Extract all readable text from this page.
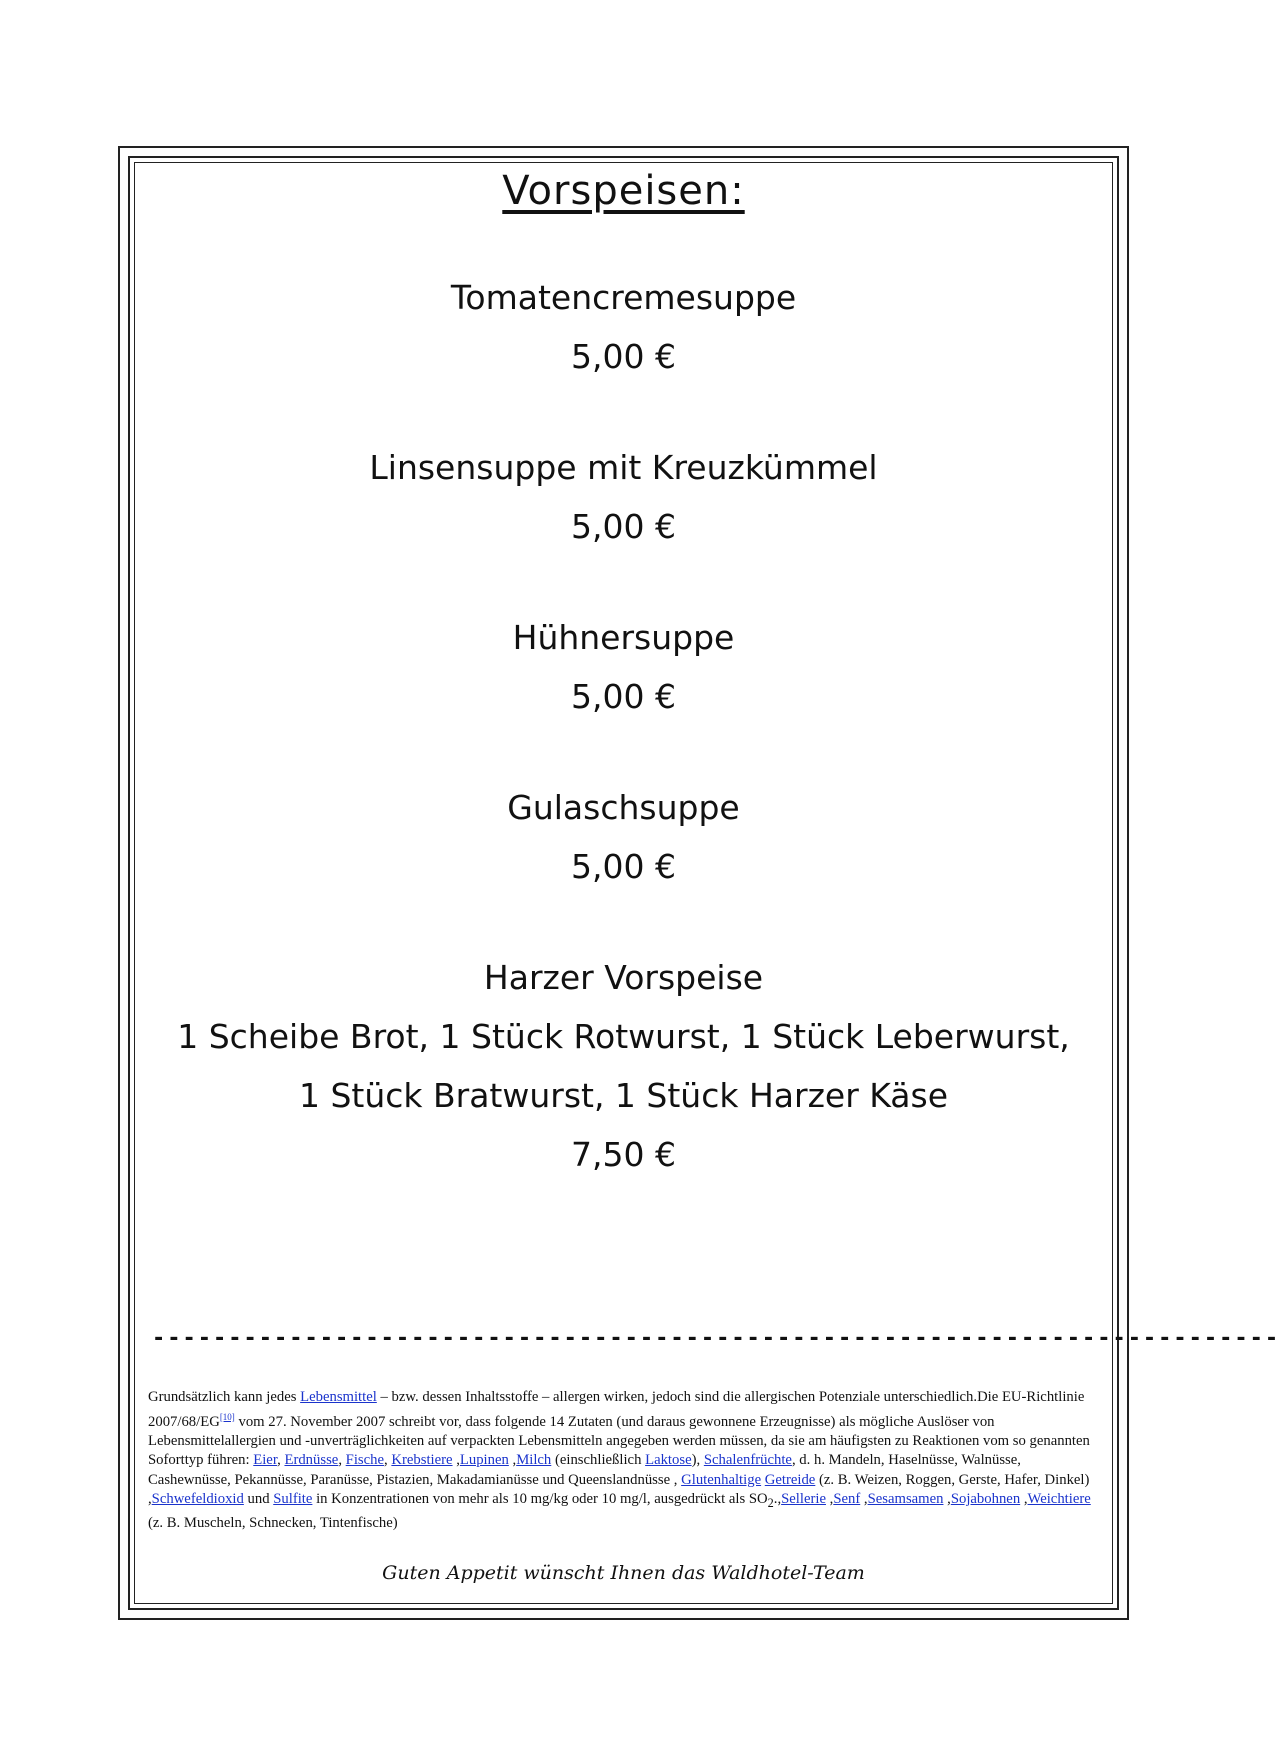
Vorspeisen:
Tomatencremesuppe
5,00 €
Linsensuppe mit Kreuzkümmel
5,00 €
Hühnersuppe
5,00 €
Gulaschsuppe
5,00 €
Harzer Vorspeise
1 Scheibe Brot, 1 Stück Rotwurst, 1 Stück Leberwurst,
1 Stück Bratwurst, 1 Stück Harzer Käse
7,50 €
--------------------------------------------------------------------------
Grundsätzlich kann jedes Lebensmittel – bzw. dessen Inhaltsstoffe – allergen wirken, jedoch sind die allergischen Potenziale unterschiedlich.Die EU-Richtlinie 2007/68/EG[10] vom 27. November 2007 schreibt vor, dass folgende 14 Zutaten (und daraus gewonnene Erzeugnisse) als mögliche Auslöser von Lebensmittelallergien und -unverträglichkeiten auf verpackten Lebensmitteln angegeben werden müssen, da sie am häufigsten zu Reaktionen vom so genannten Soforttyp führen: Eier, Erdnüsse, Fische, Krebstiere ,Lupinen ,Milch (einschließlich Laktose), Schalenfrüchte, d. h. Mandeln, Haselnüsse, Walnüsse, Cashewnüsse, Pekannüsse, Paranüsse, Pistazien, Makadamianüsse und Queenslandnüsse , Glutenhaltige Getreide (z. B. Weizen, Roggen, Gerste, Hafer, Dinkel) ,Schwefeldioxid und Sulfite in Konzentrationen von mehr als 10 mg/kg oder 10 mg/l, ausgedrückt als $SO_2.,Sellerie$ ,Senf ,Sesamsamen ,Sojabohnen ,Weichtiere (z. B. Muscheln, Schnecken, Tintenfische)
Guten Appetit wünscht Ihnen das Waldhotel-Team
